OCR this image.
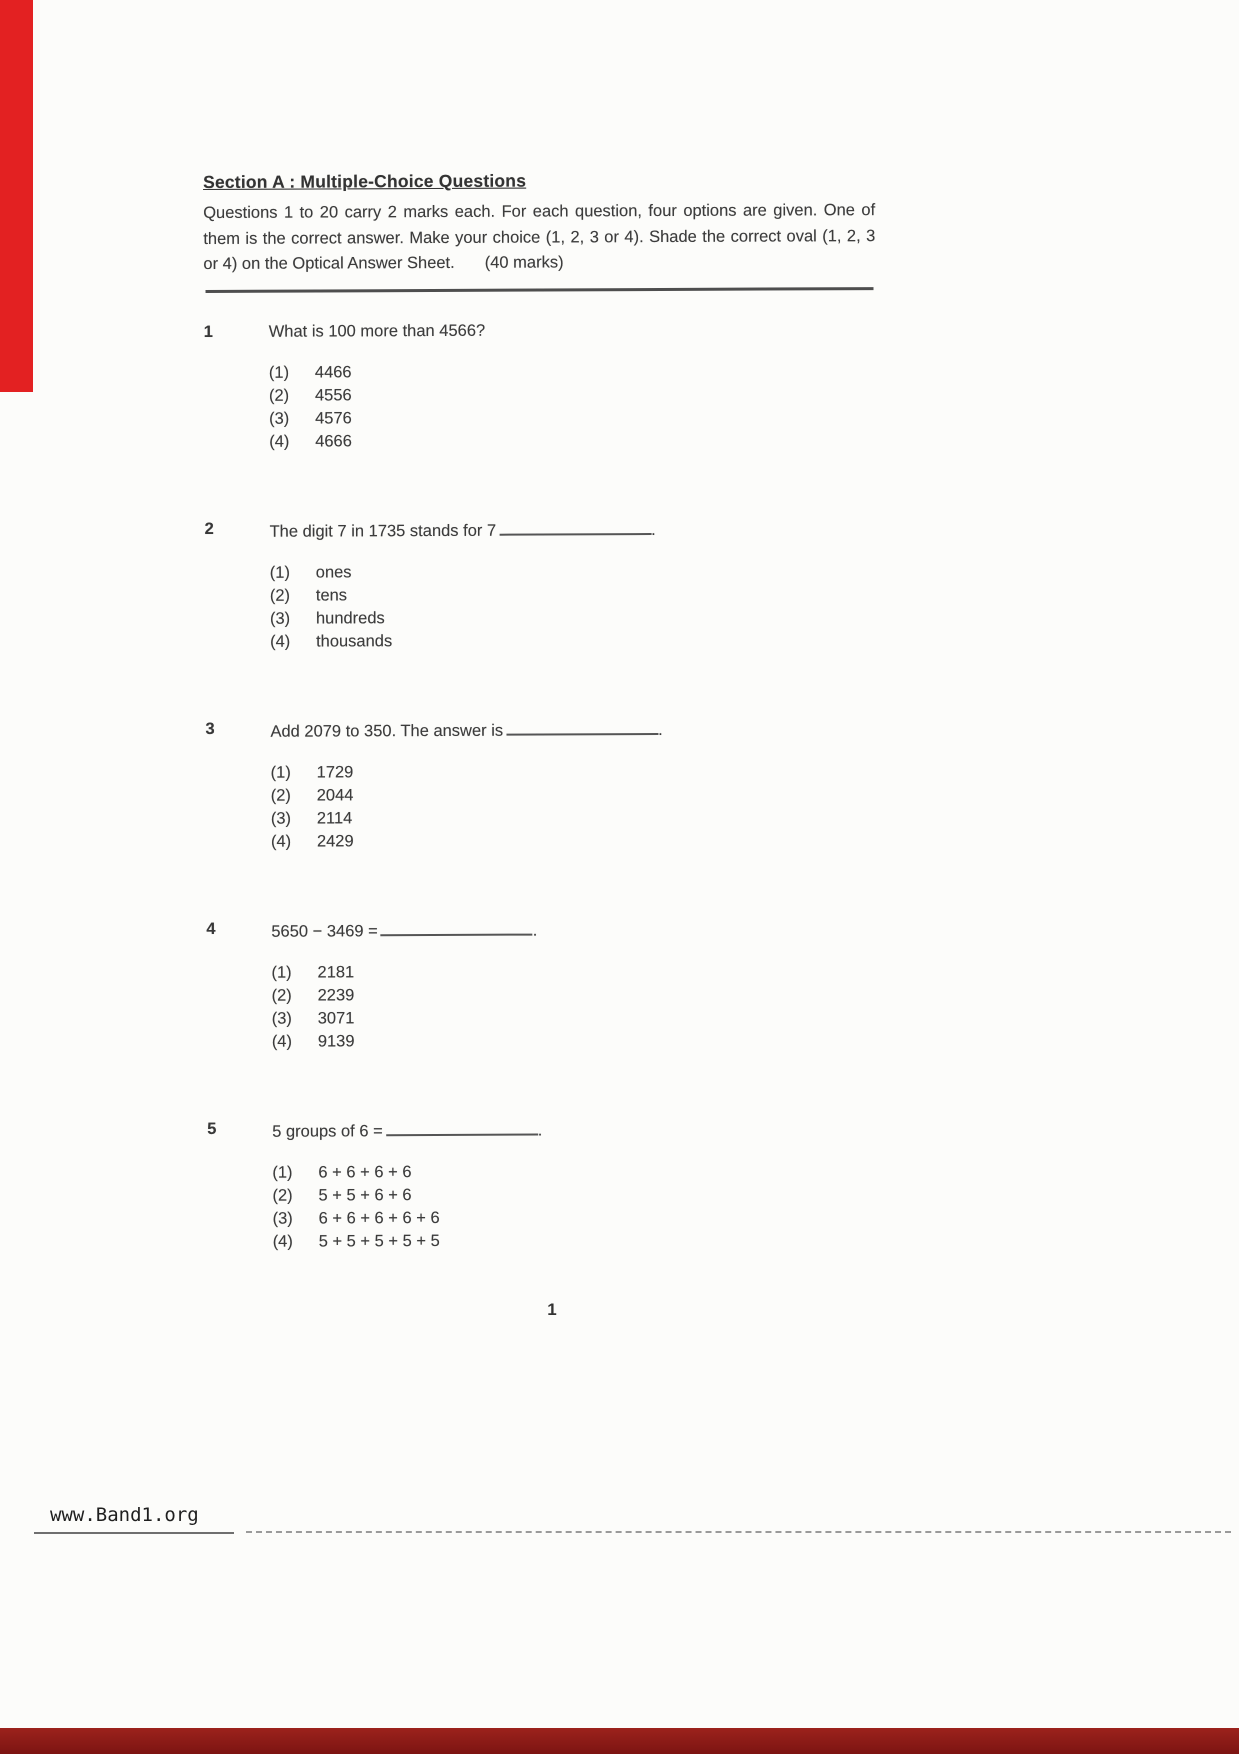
Section A : Multiple-Choice Questions

Questions 1 to 20 carry 2 marks each. For each question, four options are given. One of them is the correct answer. Make your choice (1, 2, 3 or 4). Shade the correct oval (1, 2, 3 or 4) on the Optical Answer Sheet. (40 marks)

1	What is 100 more than 4566?
(1)	4466
(2)	4556
(3)	4576
(4)	4666
2	The digit 7 in 1735 stands for 7	.
(1)	ones
(2)	tens
(3)	hundreds
(4)	thousands
3	Add 2079 to 350. The answer is	.
(1)	1729
(2)	2044
(3)	2114
(4)	2429
4	5650 − 3469 =	.
(1)	2181
(2)	2239
(3)	3071
(4)	9139
5	5 groups of 6 =	.
(1)	6 + 6 + 6 + 6
(2)	5 + 5 + 6 + 6
(3)	6 + 6 + 6 + 6 + 6
(4)	5 + 5 + 5 + 5 + 5
1
www.Band1.org
